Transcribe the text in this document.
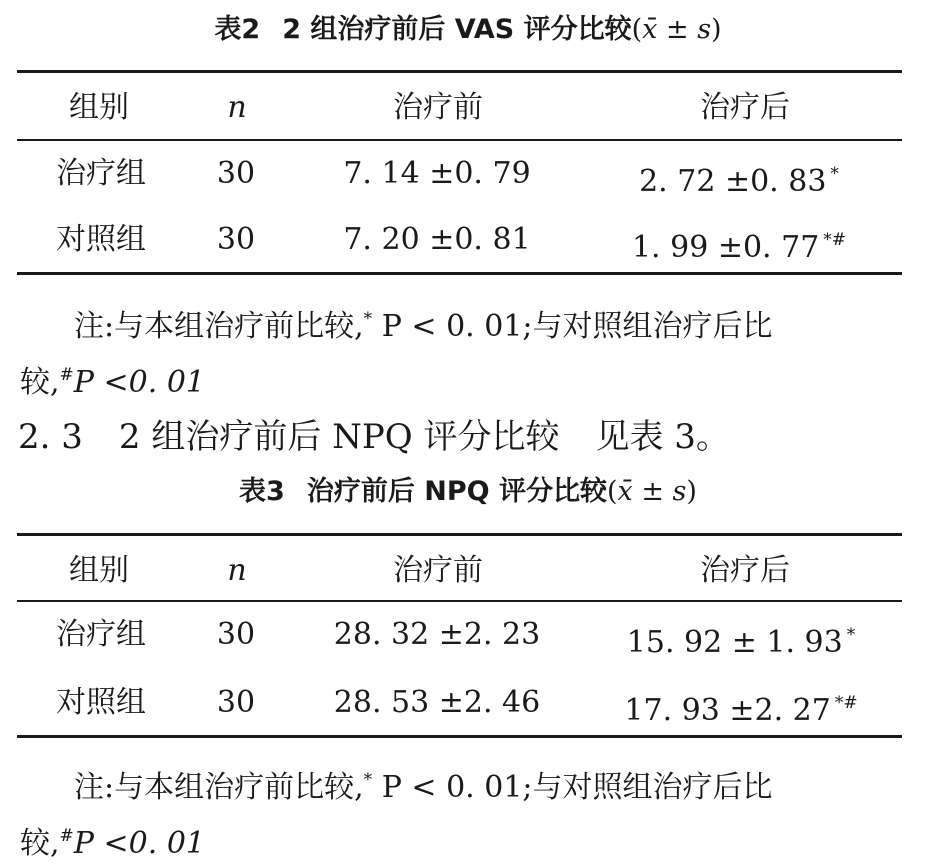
表2 2 组治疗前后 VAS 评分比较(x̄ ± s)
组别	n	治疗前	治疗后
治疗组 30	7. 14 ±0. 79	2. 72 ±0. 83 *
对照组 30	7. 20 ±0. 81	1. 99 ±0. 77 *#
注:与本组治疗前比较,* P < 0. 01;与对照组治疗后比
较,#P <0. 01
2. 3 2 组治疗前后 NPQ 评分比较 见表 3。
表3 治疗前后 NPQ 评分比较(x̄ ± s)
组别	n	治疗前	治疗后
治疗组 30	28. 32 ±2. 23	15. 92 ± 1. 93 *
对照组 30	28. 53 ±2. 46	17. 93 ±2. 27 *#
注:与本组治疗前比较,* P < 0. 01;与对照组治疗后比
较,#P <0. 01
